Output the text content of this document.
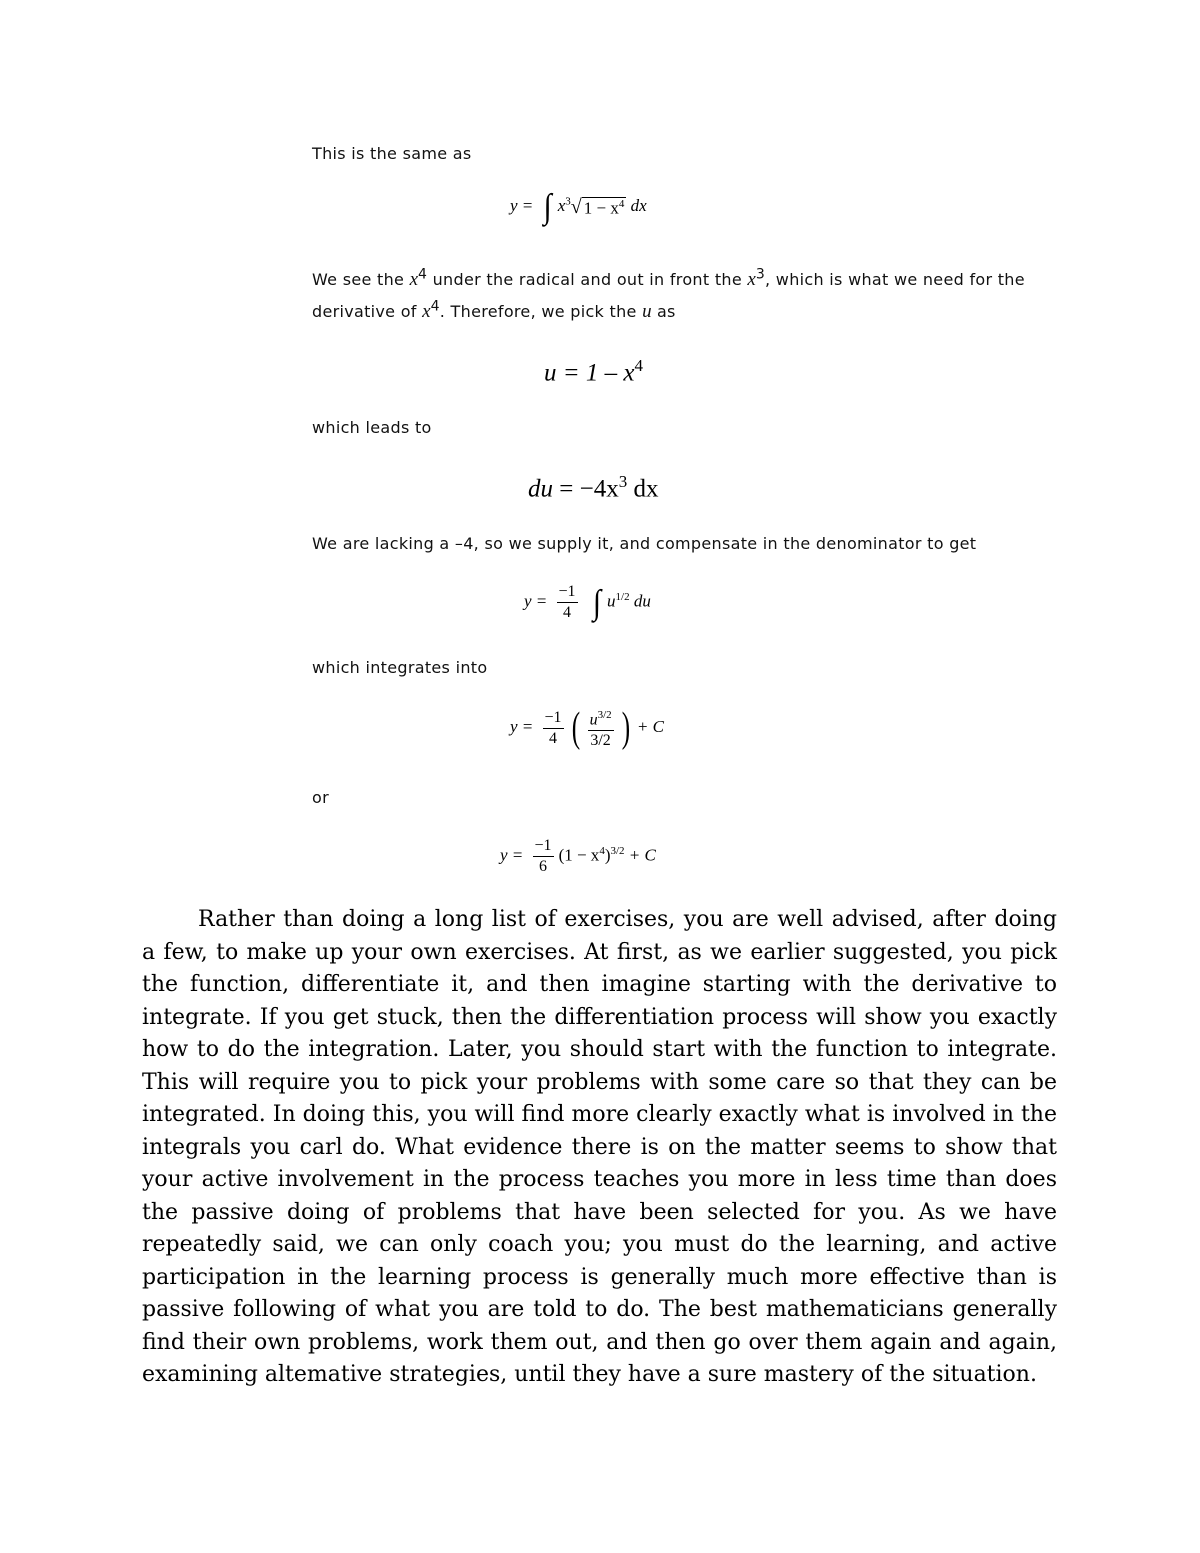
This is the same as
y = ∫ $x^3$ √ $1 - x^4$ dx
We see the $x^4$ under the radical and out in front the $x^3$, which is what we need for the derivative of $x^4$. Therefore, we pick the u as
$u = 1 - x^4$
which leads to
du = $-4x^3$ dx
We are lacking a –4, so we supply it, and compensate in the denominator to get
$y = \frac{-1}{4}$ ∫ $u^{1/2}$ du
which integrates into
$y = \frac{-1}{4}$ ( $\frac{u^{3/2}}{3/2}$ ) + C
or
$y = \frac{-1}{6} (1 - x^4)^{3/2} + C$

Rather than doing a long list of exercises, you are well advised, after doing a few, to make up your own exercises. At first, as we earlier suggested, you pick the function, differentiate it, and then imagine starting with the derivative to integrate. If you get stuck, then the differentiation process will show you exactly how to do the integration. Later, you should start with the function to integrate. This will require you to pick your problems with some care so that they can be integrated. In doing this, you will find more clearly exactly what is involved in the integrals you carl do. What evidence there is on the matter seems to show that your active involvement in the process teaches you more in less time than does the passive doing of problems that have been selected for you. As we have repeatedly said, we can only coach you; you must do the learning, and active participation in the learning process is generally much more effective than is passive following of what you are told to do. The best mathematicians generally find their own problems, work them out, and then go over them again and again, examining altemative strategies, until they have a sure mastery of the situation.
